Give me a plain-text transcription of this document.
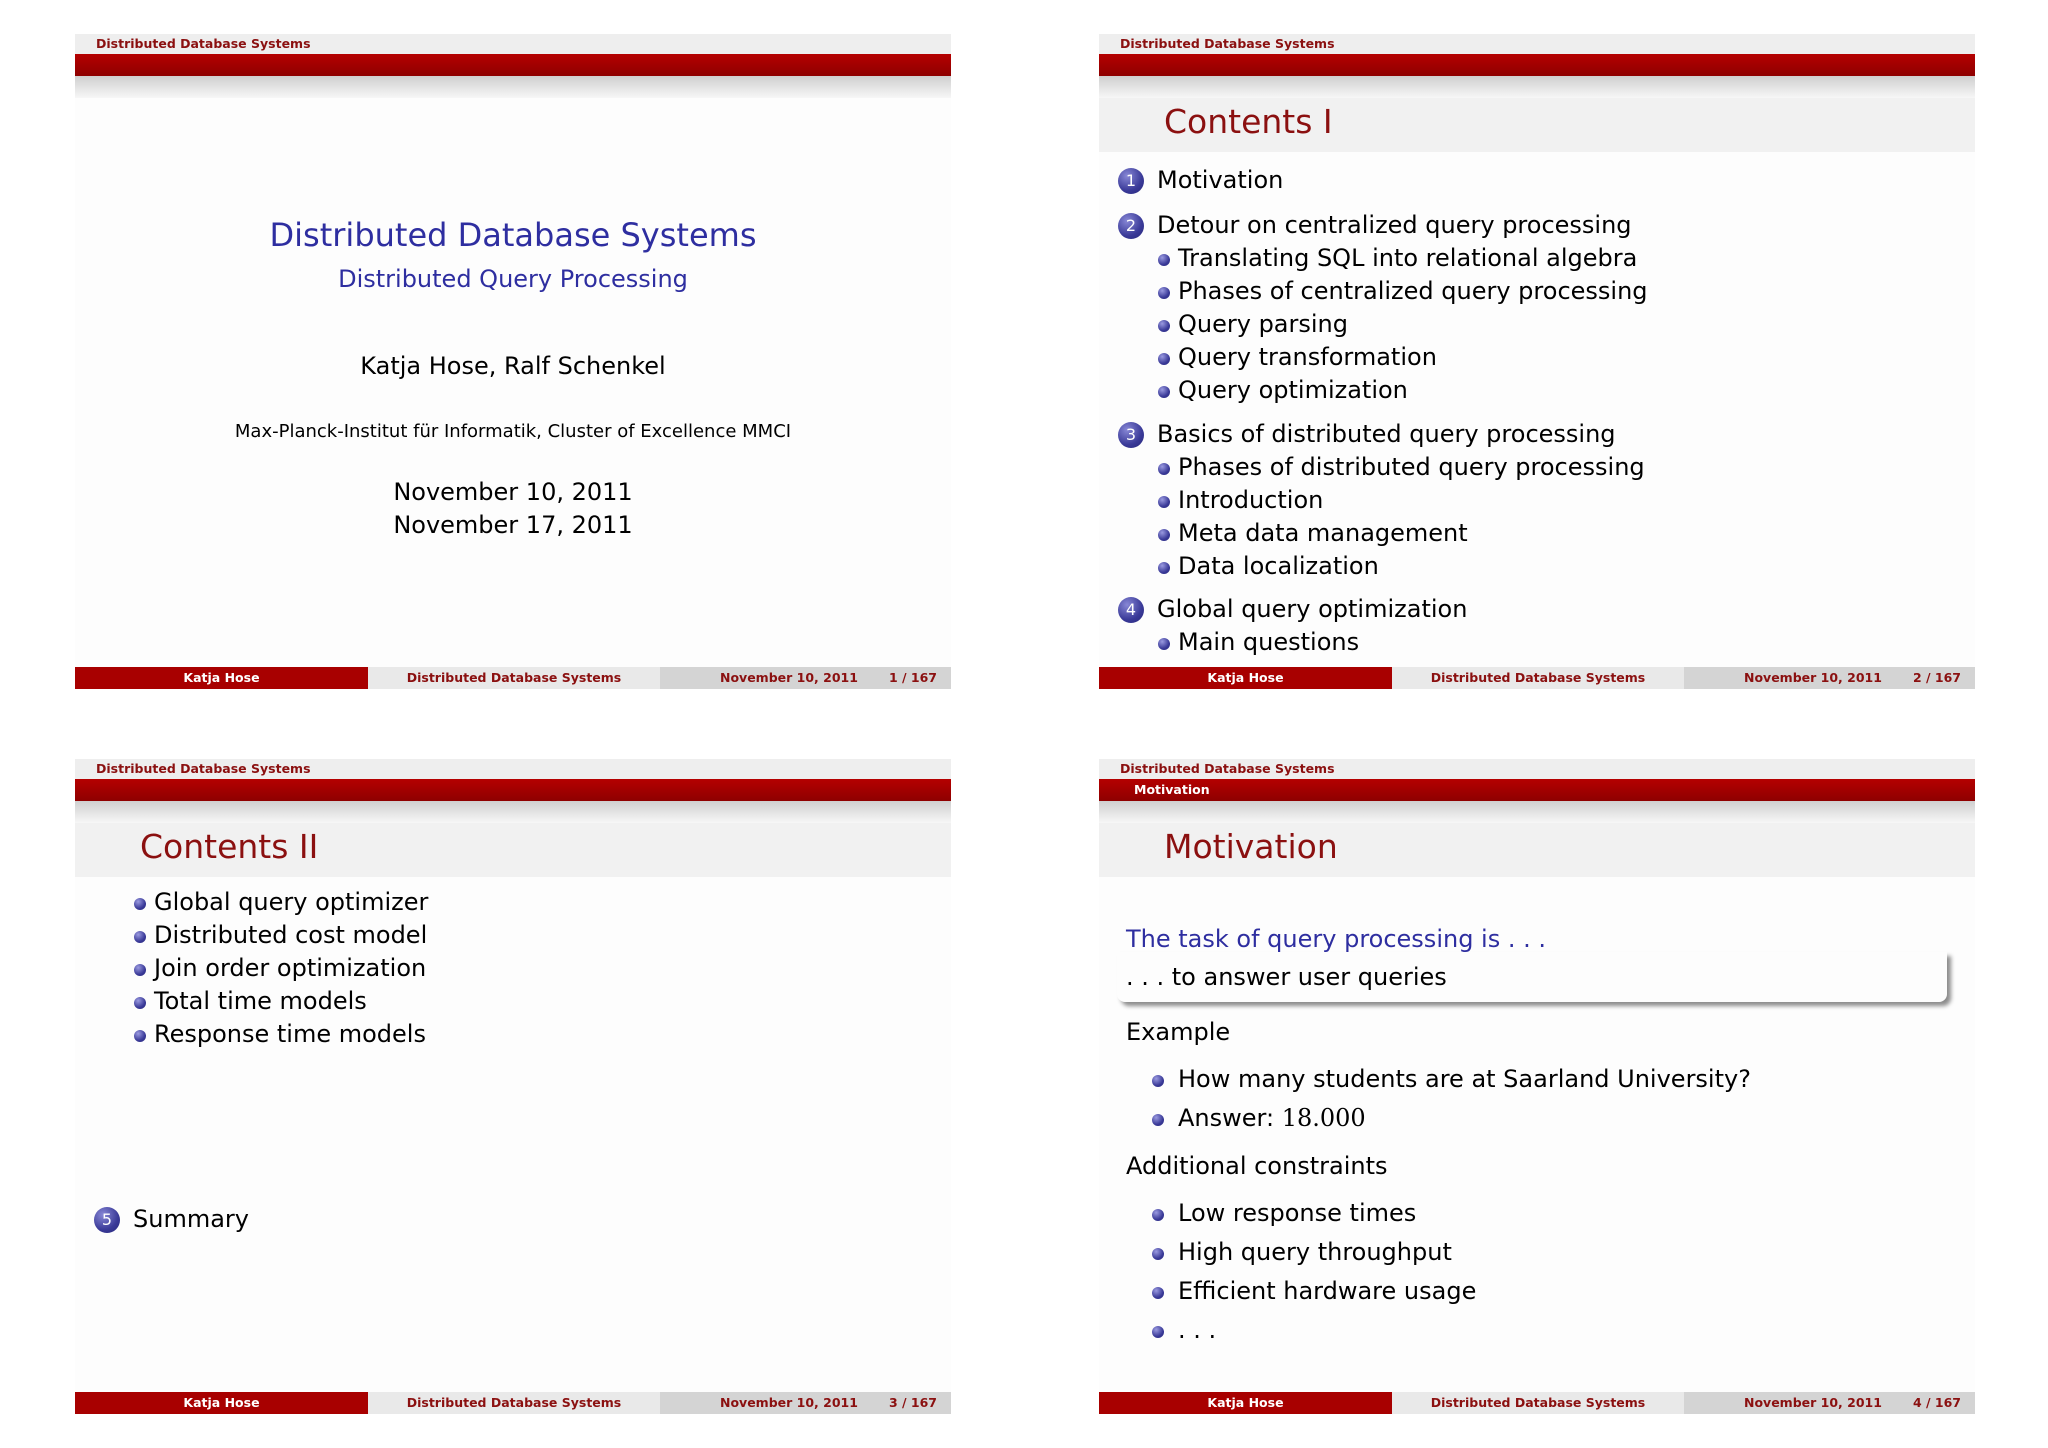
Distributed Database Systems
Distributed Database Systems
Distributed Query Processing
Katja Hose, Ralf Schenkel
Max-Planck-Institut für Informatik, Cluster of Excellence MMCI
November 10, 2011
November 17, 2011
Katja Hose	Distributed Database Systems	November 10, 2011 1 / 167
Distributed Database Systems
Contents I
1 Motivation
2 Detour on centralized query processing
Translating SQL into relational algebra
Phases of centralized query processing
Query parsing
Query transformation
Query optimization
3 Basics of distributed query processing
Phases of distributed query processing
Introduction
Meta data management
Data localization
4 Global query optimization
Main questions
Katja Hose	Distributed Database Systems	November 10, 2011 2 / 167
Distributed Database Systems
Contents II
Global query optimizer
Distributed cost model
Join order optimization
Total time models
Response time models
5 Summary
Katja Hose	Distributed Database Systems	November 10, 2011 3 / 167
Distributed Database Systems
Motivation
Motivation
The task of query processing is . . .
. . . to answer user queries
Example
How many students are at Saarland University?
Answer: 18.000
Additional constraints
Low response times
High query throughput
Efficient hardware usage
. . .
Katja Hose	Distributed Database Systems	November 10, 2011 4 / 167
